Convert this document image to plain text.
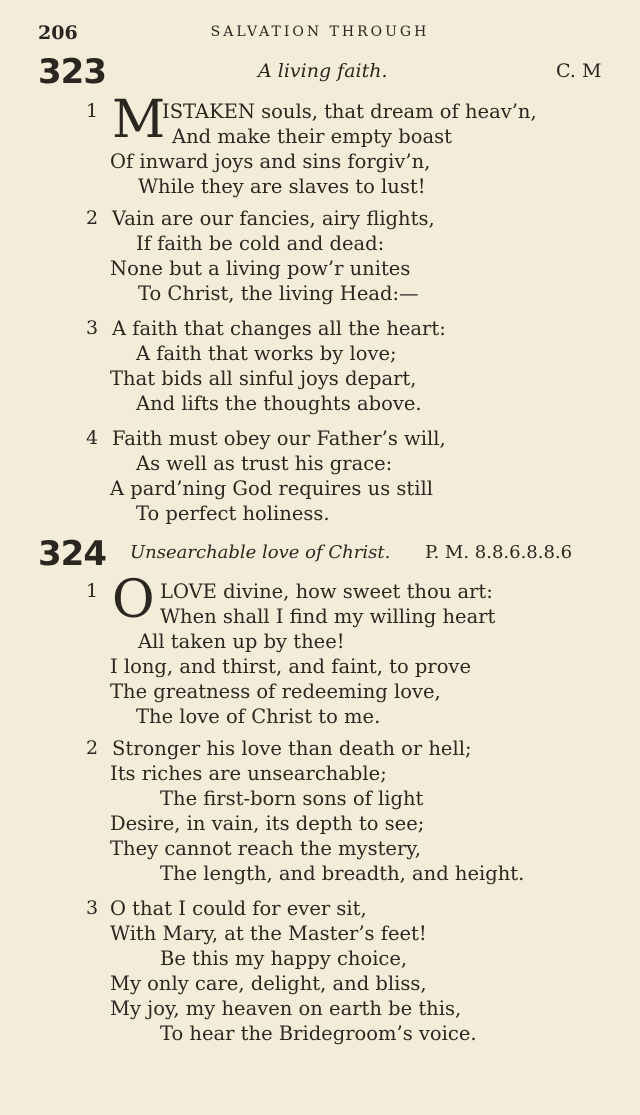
206	SALVATION THROUGH
323	A living faith.	C. M
1 M
ISTAKEN souls, that dream of heav’n,
And make their empty boast
Of inward joys and sins forgiv’n,
While they are slaves to lust!
2 Vain are our fancies, airy flights,
If faith be cold and dead:
None but a living pow’r unites
To Christ, the living Head:—
3 A faith that changes all the heart:
A faith that works by love;
That bids all sinful joys depart,
And lifts the thoughts above.
4 Faith must obey our Father’s will,
As well as trust his grace:
A pard’ning God requires us still
To perfect holiness.
324 Unsearchable love of Christ. P. M. 8.8.6.8.8.6
1 O LOVE divine, how sweet thou art:
When shall I find my willing heart
All taken up by thee!
I long, and thirst, and faint, to prove
The greatness of redeeming love,
The love of Christ to me.
2 Stronger his love than death or hell;
Its riches are unsearchable;
The first-born sons of light
Desire, in vain, its depth to see;
They cannot reach the mystery,
The length, and breadth, and height.
3 O that I could for ever sit,
With Mary, at the Master’s feet!
Be this my happy choice,
My only care, delight, and bliss,
My joy, my heaven on earth be this,
To hear the Bridegroom’s voice.
